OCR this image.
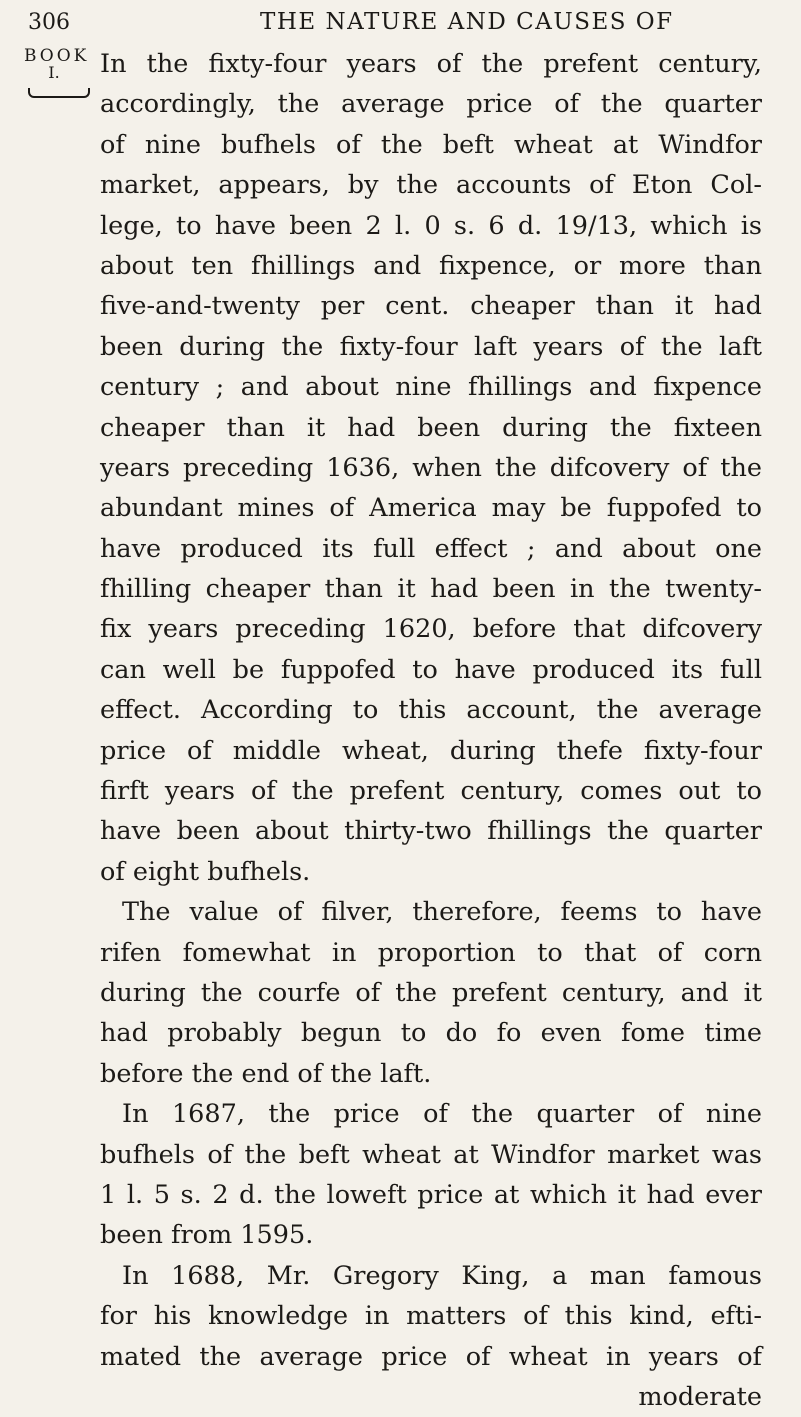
306	THE NATURE AND CAUSES OF
BOOK
I.	In the fixty-four years of the prefent century,
accordingly, the average price of the quarter
of nine bufhels of the beft wheat at Windfor
market, appears, by the accounts of Eton Col-
lege, to have been 2 l. 0 s. 6 d. 19/13, which is
about ten fhillings and fixpence, or more than
five-and-twenty per cent. cheaper than it had
been during the fixty-four laft years of the laft
century ; and about nine fhillings and fixpence
cheaper than it had been during the fixteen
years preceding 1636, when the difcovery of the
abundant mines of America may be fuppofed to
have produced its full effect ; and about one
fhilling cheaper than it had been in the twenty-
fix years preceding 1620, before that difcovery
can well be fuppofed to have produced its full
effect. According to this account, the average
price of middle wheat, during thefe fixty-four
firft years of the prefent century, comes out to
have been about thirty-two fhillings the quarter
of eight bufhels.
The value of filver, therefore, feems to have
rifen fomewhat in proportion to that of corn
during the courfe of the prefent century, and it
had probably begun to do fo even fome time
before the end of the laft.
In 1687, the price of the quarter of nine
bufhels of the beft wheat at Windfor market was
1 l. 5 s. 2 d. the loweft price at which it had ever
been from 1595.
In 1688, Mr. Gregory King, a man famous
for his knowledge in matters of this kind, efti-
mated the average price of wheat in years of
moderate
